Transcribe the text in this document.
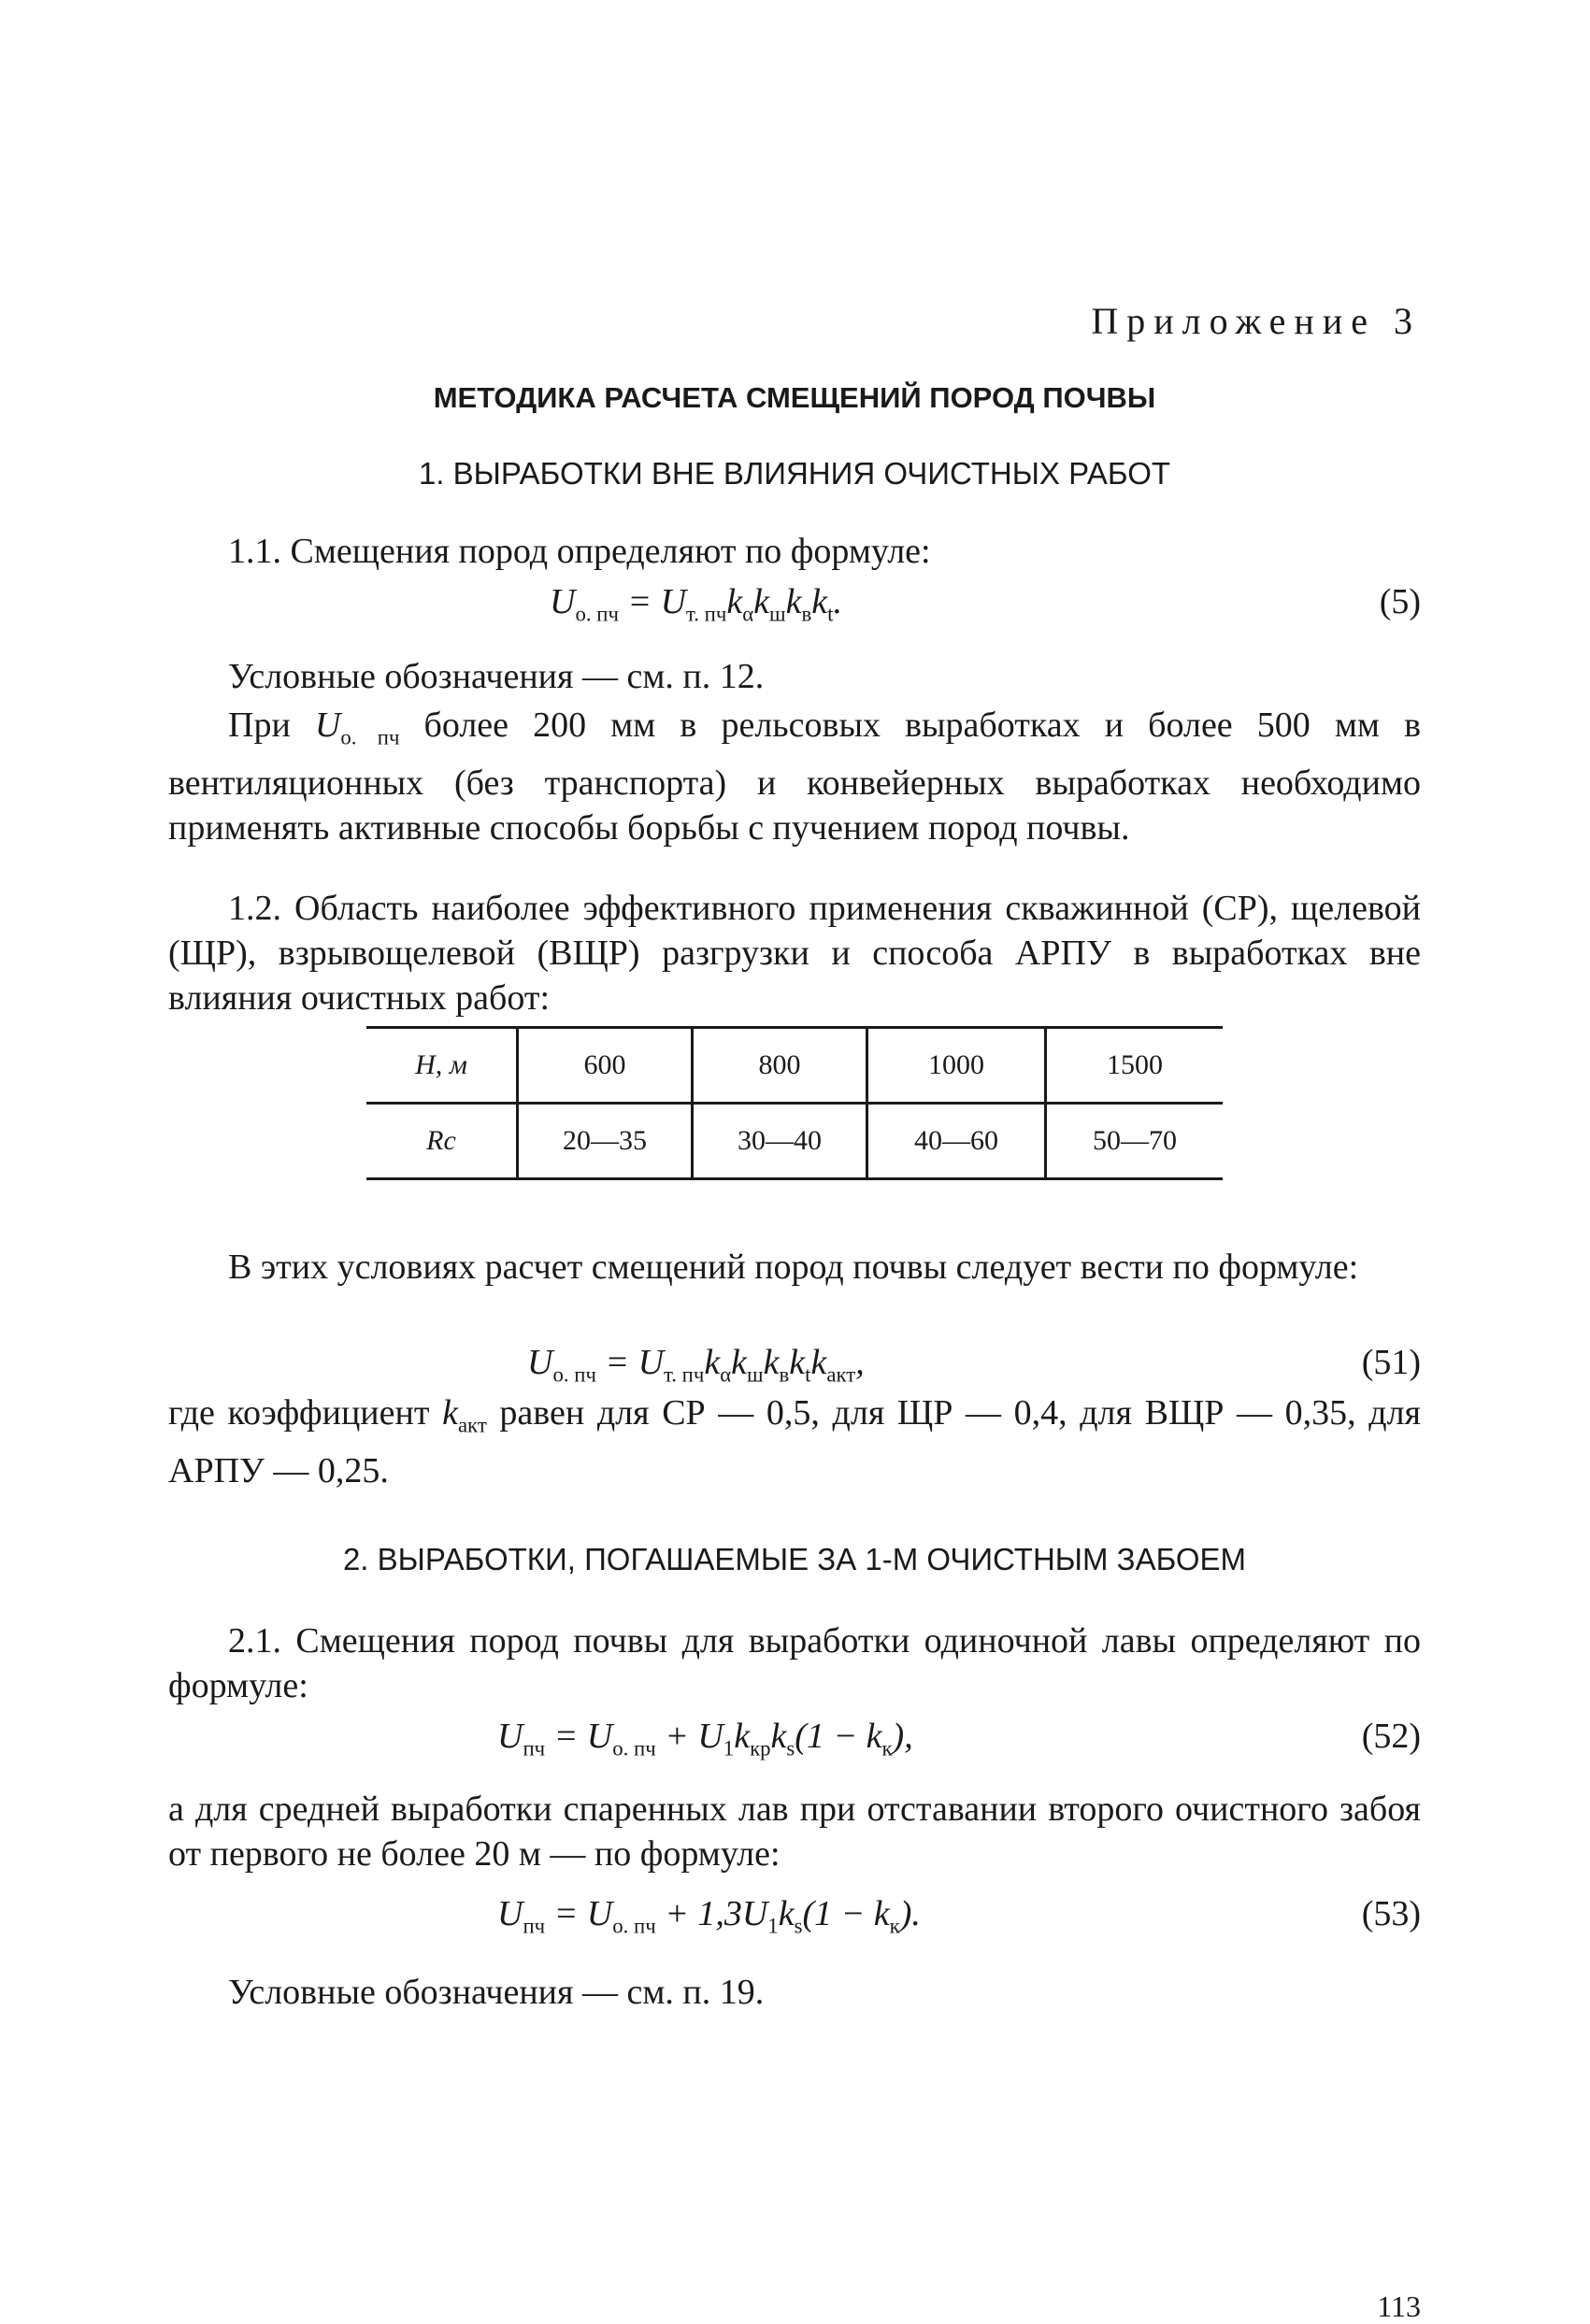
Приложение 3
МЕТОДИКА РАСЧЕТА СМЕЩЕНИЙ ПОРОД ПОЧВЫ
1. ВЫРАБОТКИ ВНЕ ВЛИЯНИЯ ОЧИСТНЫХ РАБОТ
1.1. Смещения пород определяют по формуле:
$U_{о. пч} = U_{т. пч}k_\alpha k_шk_вk_t$.	(5)
Условные обозначения — см. п. 12.
При $U_{о. пч}$ более 200 мм в рельсовых выработках и более 500 мм в вентиляционных (без транспорта) и конвейерных выработках необходимо применять активные способы борьбы с пучением пород почвы.
1.2. Область наиболее эффективного применения скважинной (СР), щелевой (ЩР), взрывощелевой (ВЩР) разгрузки и способа АРПУ в выработках вне влияния очистных работ:
H, м	600	800	1000	1500
Rc	20—35	30—40	40—60	50—70
В этих условиях расчет смещений пород почвы следует вести по формуле:
$U_{о. пч} = U_{т. пч}k_\alpha k_шk_вk_tk_{акт}$,	(51)
где коэффициент $k_{акт}$ равен для СР — 0,5, для ЩР — 0,4, для ВЩР — 0,35, для АРПУ — 0,25.
2. ВЫРАБОТКИ, ПОГАШАЕМЫЕ ЗА 1-М ОЧИСТНЫМ ЗАБОЕМ
2.1. Смещения пород почвы для выработки одиночной лавы определяют по формуле:
$U_{пч} = U_{о. пч} + U_1k_{кр}k_s(1 - k_к)$,	(52)
а для средней выработки спаренных лав при отставании второго очистного забоя от первого не более 20 м — по формуле:
$U_{пч} = U_{о. пч} + 1,3U_1k_s(1 - k_к)$.	(53)
Условные обозначения — см. п. 19.
113
